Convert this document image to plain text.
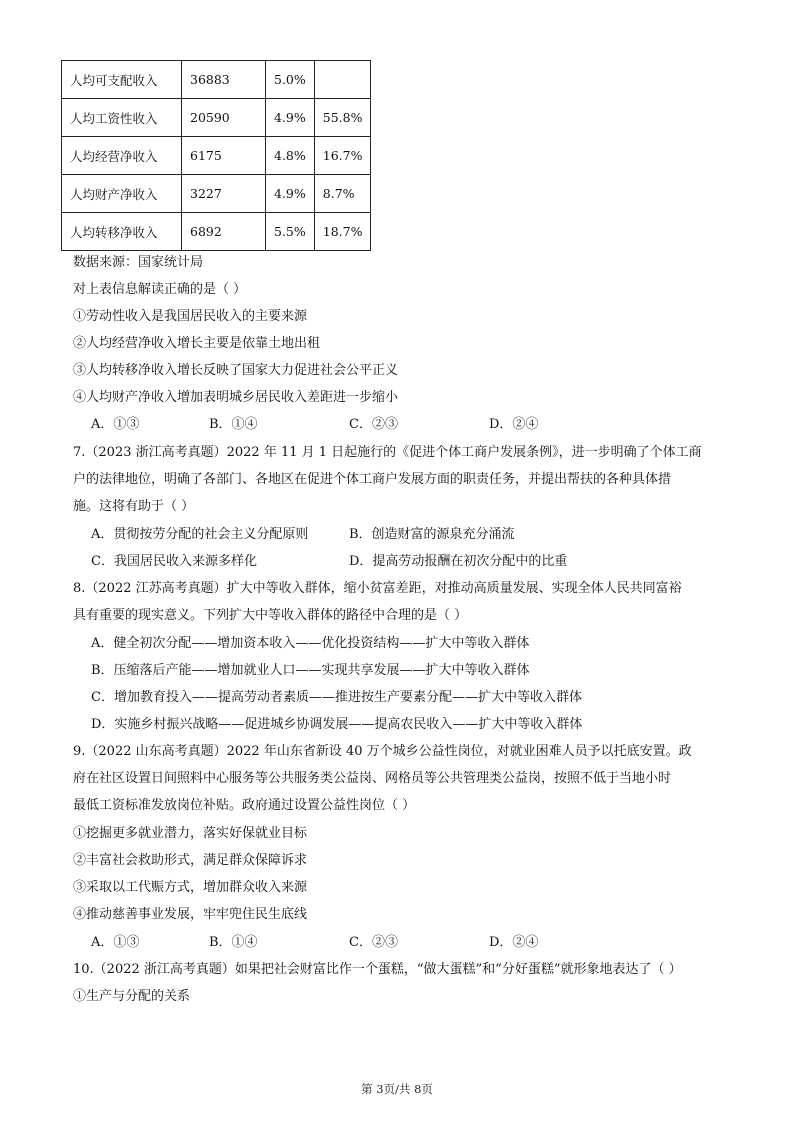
人均可支配收入	36883	5.0%	
人均工资性收入	20590	4.9%	55.8%
人均经营净收入	6175	4.8%	16.7%
人均财产净收入	3227	4.9%	8.7%
人均转移净收入	6892	5.5%	18.7%
数据来源：国家统计局
对上表信息解读正确的是（ ）
①劳动性收入是我国居民收入的主要来源
②人均经营净收入增长主要是依靠土地出租
③人均转移净收入增长反映了国家大力促进社会公平正义
④人均财产净收入增加表明城乡居民收入差距进一步缩小
A．①③	B．①④	C．②③	D．②④
7.（2023 浙江高考真题）2022 年 11 月 1 日起施行的《促进个体工商户发展条例》，进一步明确了个体工商
户的法律地位，明确了各部门、各地区在促进个体工商户发展方面的职责任务，并提出帮扶的各种具体措
施。这将有助于（ ）
A．贯彻按劳分配的社会主义分配原则	B．创造财富的源泉充分涌流
C．我国居民收入来源多样化	D．提高劳动报酬在初次分配中的比重
8.（2022 江苏高考真题）扩大中等收入群体，缩小贫富差距，对推动高质量发展、实现全体人民共同富裕
具有重要的现实意义。下列扩大中等收入群体的路径中合理的是（ ）
A．健全初次分配——增加资本收入——优化投资结构——扩大中等收入群体
B．压缩落后产能——增加就业人口——实现共享发展——扩大中等收入群体
C．增加教育投入——提高劳动者素质——推进按生产要素分配——扩大中等收入群体
D．实施乡村振兴战略——促进城乡协调发展——提高农民收入——扩大中等收入群体
9.（2022 山东高考真题）2022 年山东省新设 40 万个城乡公益性岗位，对就业困难人员予以托底安置。政
府在社区设置日间照料中心服务等公共服务类公益岗、网格员等公共管理类公益岗，按照不低于当地小时
最低工资标准发放岗位补贴。政府通过设置公益性岗位（ ）
①挖掘更多就业潜力，落实好保就业目标
②丰富社会救助形式，满足群众保障诉求
③采取以工代赈方式，增加群众收入来源
④推动慈善事业发展，牢牢兜住民生底线
A．①③	B．①④	C．②③	D．②④
10.（2022 浙江高考真题）如果把社会财富比作一个蛋糕，“做大蛋糕”和“分好蛋糕”就形象地表达了（ ）
①生产与分配的关系
第 3页/共 8页
